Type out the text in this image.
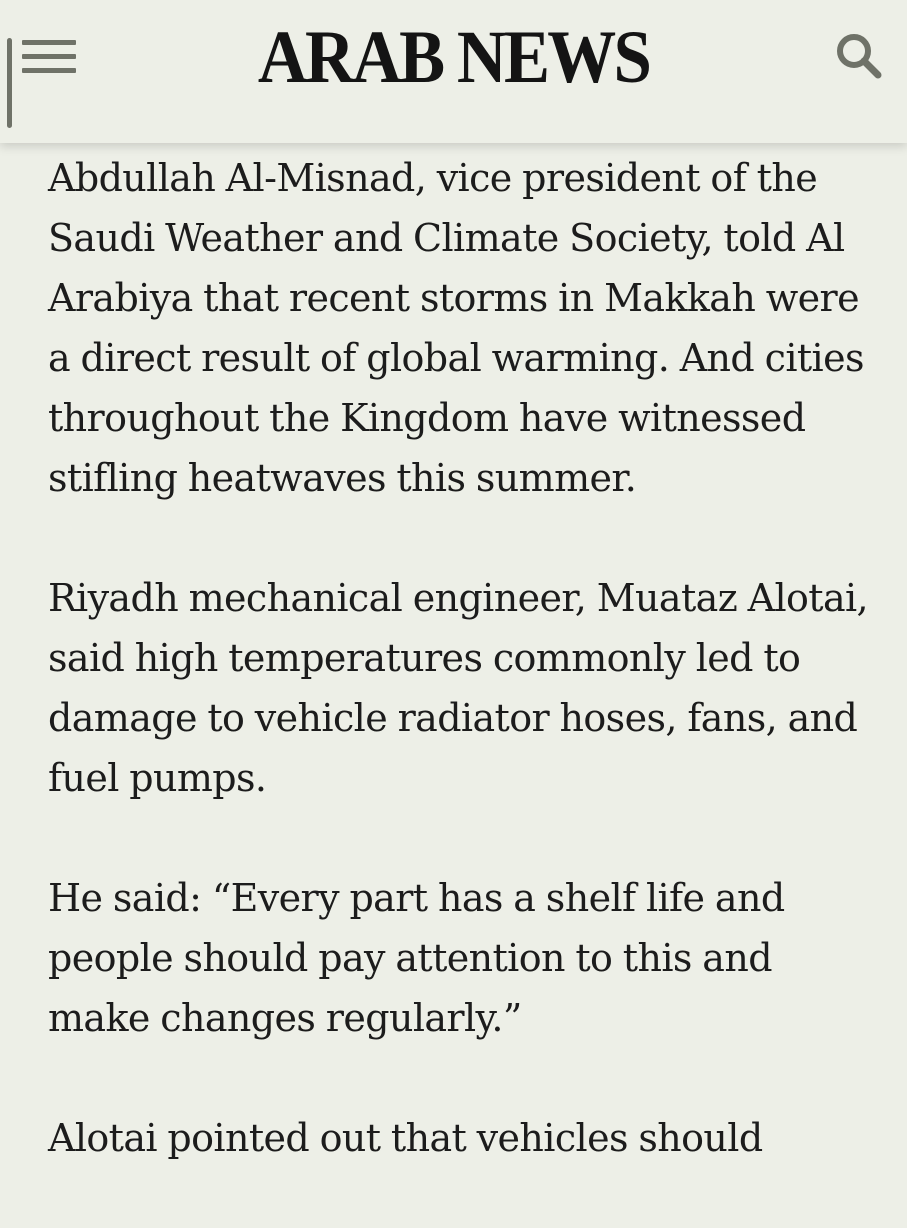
ARAB NEWS

Abdullah Al-Misnad, vice president of the Saudi Weather and Climate Society, told Al Arabiya that recent storms in Makkah were a direct result of global warming. And cities throughout the Kingdom have witnessed stifling heatwaves this summer.

Riyadh mechanical engineer, Muataz Alotai, said high temperatures commonly led to damage to vehicle radiator hoses, fans, and fuel pumps.

He said: “Every part has a shelf life and people should pay attention to this and make changes regularly.”

Alotai pointed out that vehicles should
